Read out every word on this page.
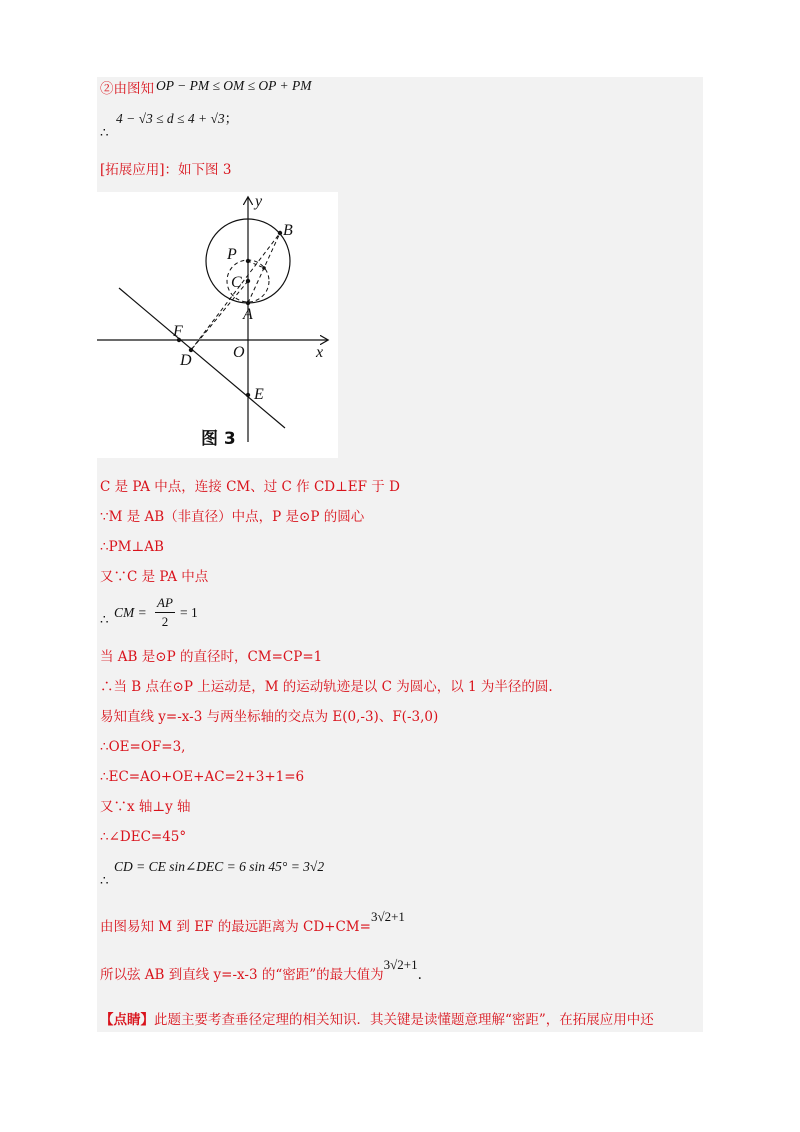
②由图知 OP − PM ≤ OM ≤ OP + PM
4 − √3 ≤ d ≤ 4 + √3；
∴
[拓展应用]：如下图 3
y
x
B
P
C
A
F
D	O
E
图 3
C 是 PA 中点，连接 CM、过 C 作 CD⊥EF 于 D
∵M 是 AB（非直径）中点，P 是⊙P 的圆心
∴PM⊥AB
又∵C 是 PA 中点
∴ CM = $\frac{AP}{2} = 1$
当 AB 是⊙P 的直径时，CM=CP=1
∴当 B 点在⊙P 上运动是，M 的运动轨迹是以 C 为圆心，以 1 为半径的圆.
易知直线 y=-x-3 与两坐标轴的交点为 E(0,-3)、F(-3,0)
∴OE=OF=3,
∴EC=AO+OE+AC=2+3+1=6
又∵x 轴⊥y 轴
∴∠DEC=45°
CD = CE sin∠DEC = 6 sin 45° = 3√2
∴
由图易知 M 到 EF 的最远距离为 CD+CM=3√2+1
所以弦 AB 到直线 y=-x-3 的“密距”的最大值为3√2+1.
【点睛】此题主要考查垂径定理的相关知识．其关键是读懂题意理解“密距”，在拓展应用中还
